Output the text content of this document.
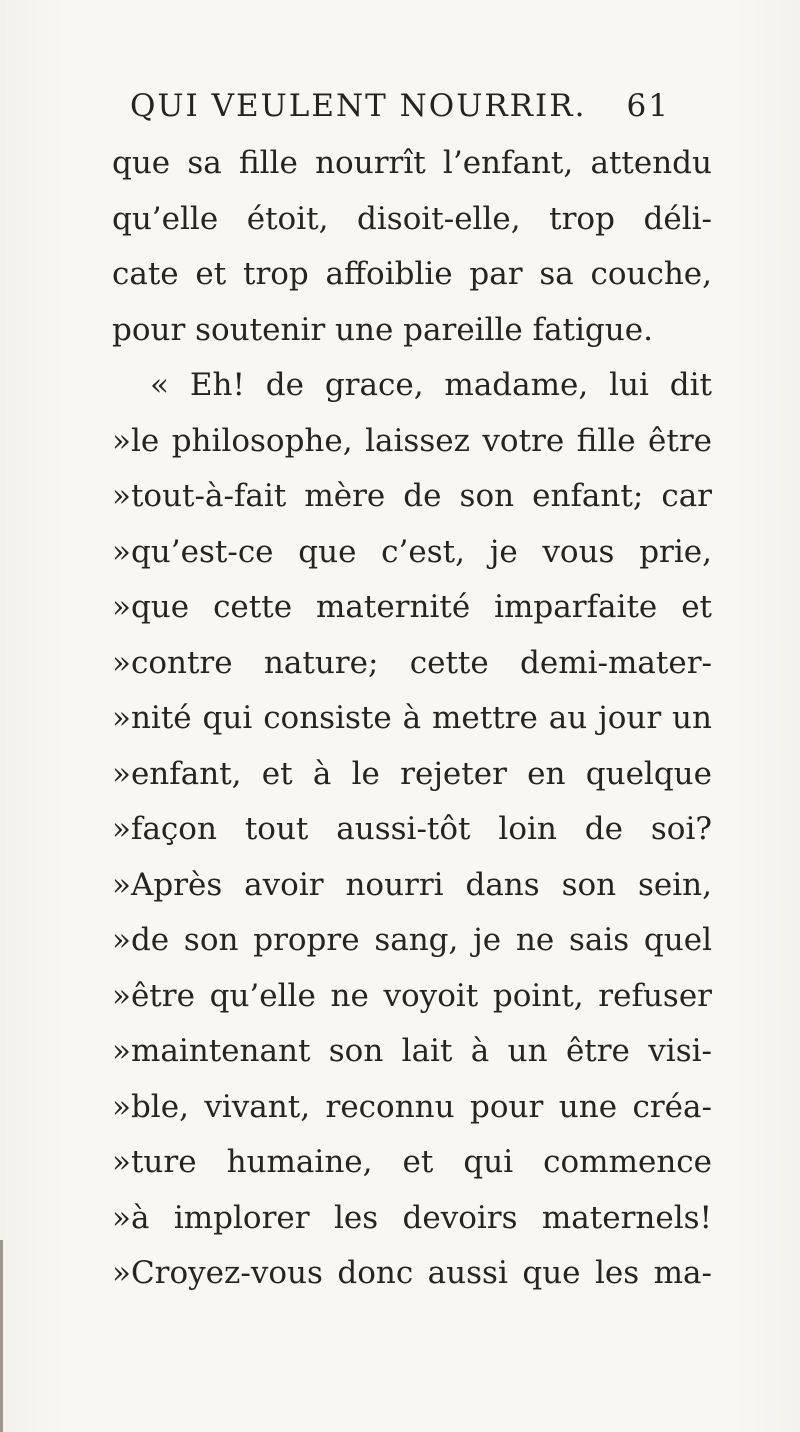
QUI VEULENT NOURRIR. 61
que sa fille nourrît l’enfant, attendu
qu’elle étoit, disoit-elle, trop déli-
cate et trop affoiblie par sa couche,
pour soutenir une pareille fatigue.
« Eh! de grace, madame, lui dit
»le philosophe, laissez votre fille être
»tout-à-fait mère de son enfant; car
»qu’est-ce que c’est, je vous prie,
»que cette maternité imparfaite et
»contre nature; cette demi-mater-
»nité qui consiste à mettre au jour un
»enfant, et à le rejeter en quelque
»façon tout aussi-tôt loin de soi?
»Après avoir nourri dans son sein,
»de son propre sang, je ne sais quel
»être qu’elle ne voyoit point, refuser
»maintenant son lait à un être visi-
»ble, vivant, reconnu pour une créa-
»ture humaine, et qui commence
»à implorer les devoirs maternels!
»Croyez-vous donc aussi que les ma-
